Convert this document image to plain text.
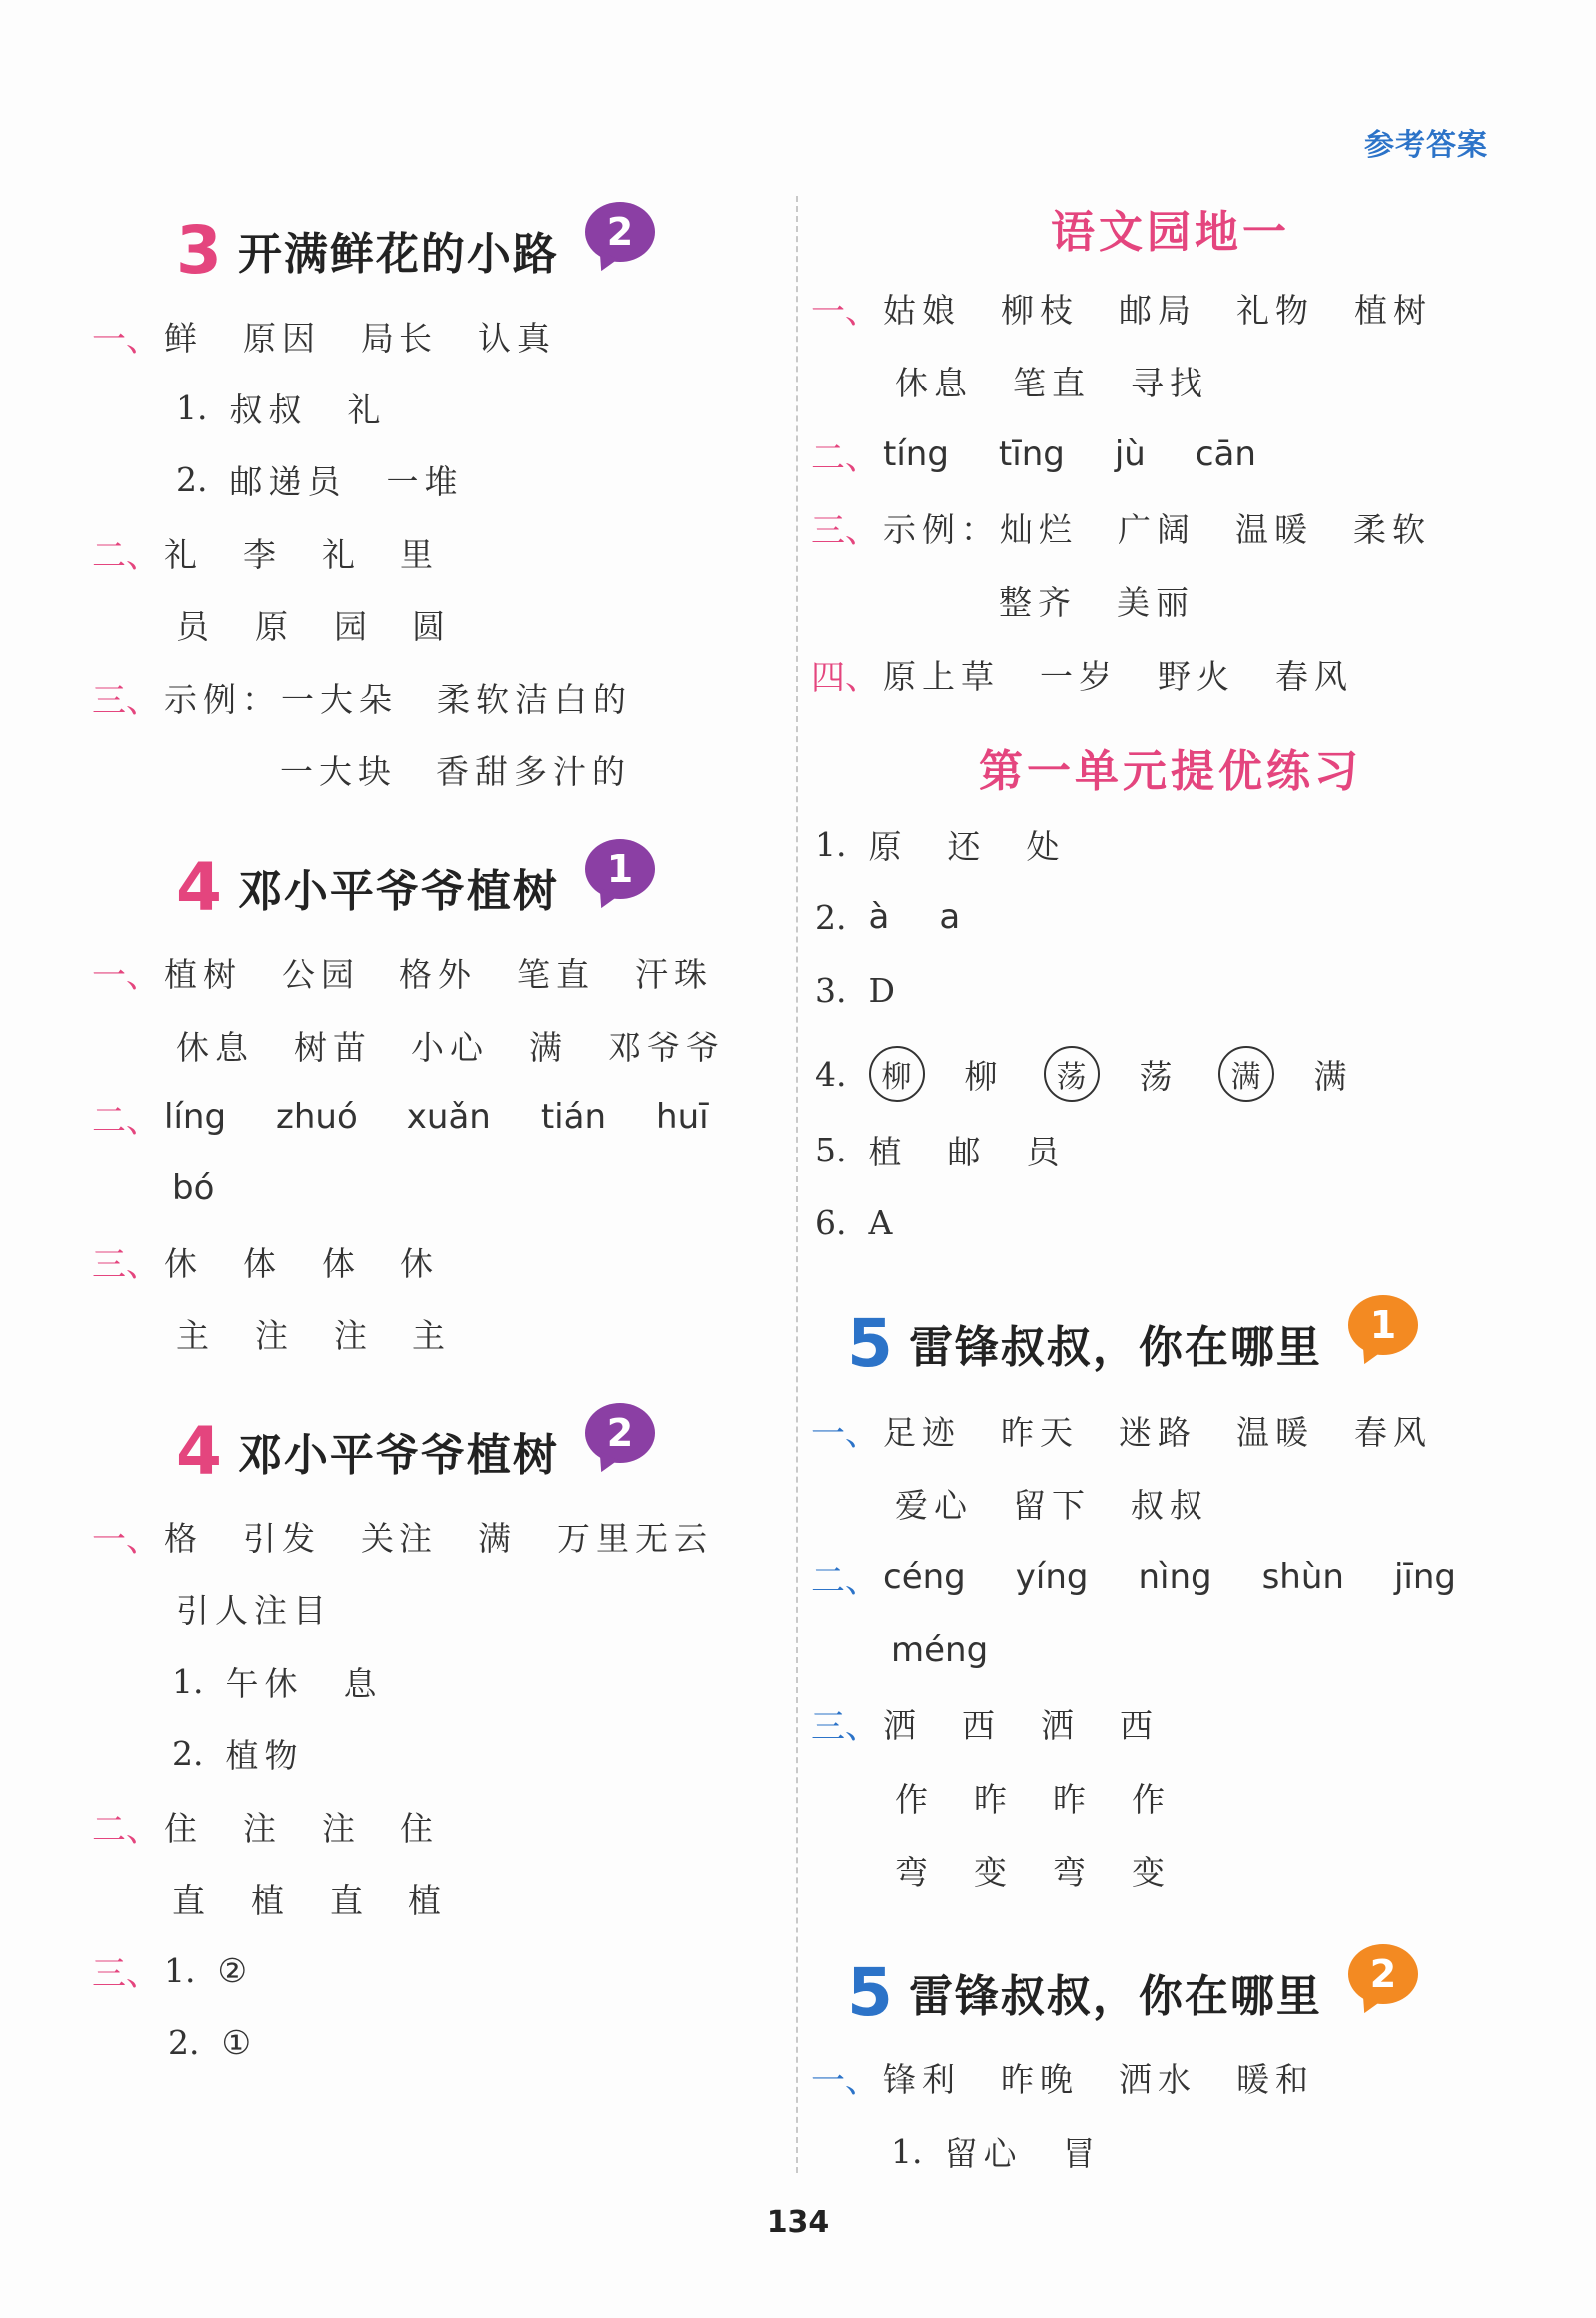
参考答案
3 开满鲜花的小路	2
一、 鲜 原因 局长 认真
1. 叔叔 礼
2. 邮递员 一堆
二、 礼 李 礼 里
员 原 园 圆
三、 示例：一大朵 柔软洁白的
一大块 香甜多汁的
4 邓小平爷爷植树	1
一、 植树 公园 格外 笔直 汗珠
休息 树苗 小心 满 邓爷爷
二、 líng zhuó xuǎn tián huī
bó
三、 休 体 体 休
主 注 注 主
4 邓小平爷爷植树	2
一、 格 引发 关注 满 万里无云
引人注目
1. 午休 息
2. 植物
二、 住 注 注 住
直 植 直 植
三、 1. ②
2. ①
语文园地一
一、 姑娘 柳枝 邮局 礼物 植树
休息 笔直 寻找
二、 tíng tīng jù cān
三、 示例：灿烂 广阔 温暖 柔软
整齐 美丽
四、 原上草 一岁 野火 春风
第一单元提优练习
1. 原 还 处
2. à a
3. D
4.	柳	柳	荡	荡	满	满
5. 植 邮 员
6. A
5 雷锋叔叔，你在哪里	1
一、 足迹 昨天 迷路 温暖 春风
爱心 留下 叔叔
二、 céng yíng nìng shùn jīng
méng
三、 洒 西 洒 西
作 昨 昨 作
弯 变 弯 变
5 雷锋叔叔，你在哪里	2
一、 锋利 昨晚 洒水 暖和
1. 留心 冒
134
